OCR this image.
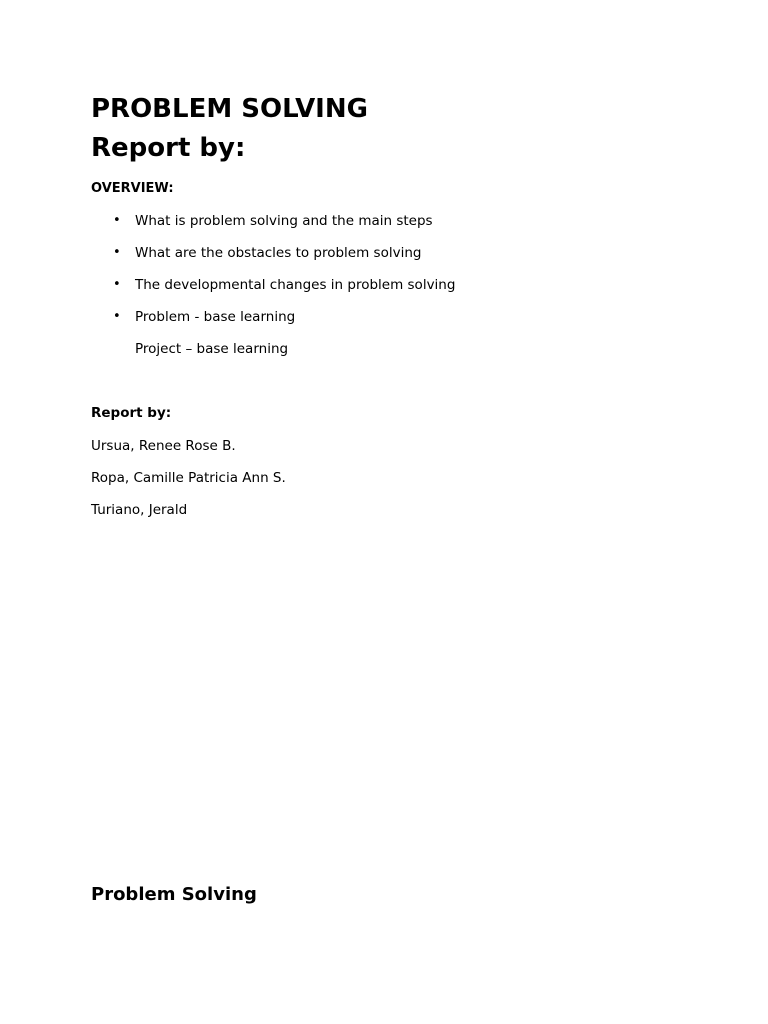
PROBLEM SOLVING
Report by:

OVERVIEW:

• What is problem solving and the main steps
• What are the obstacles to problem solving
• The developmental changes in problem solving
• Problem - base learning
Project – base learning

Report by:

Ursua, Renee Rose B.
Ropa, Camille Patricia Ann S.
Turiano, Jerald
Problem Solving
